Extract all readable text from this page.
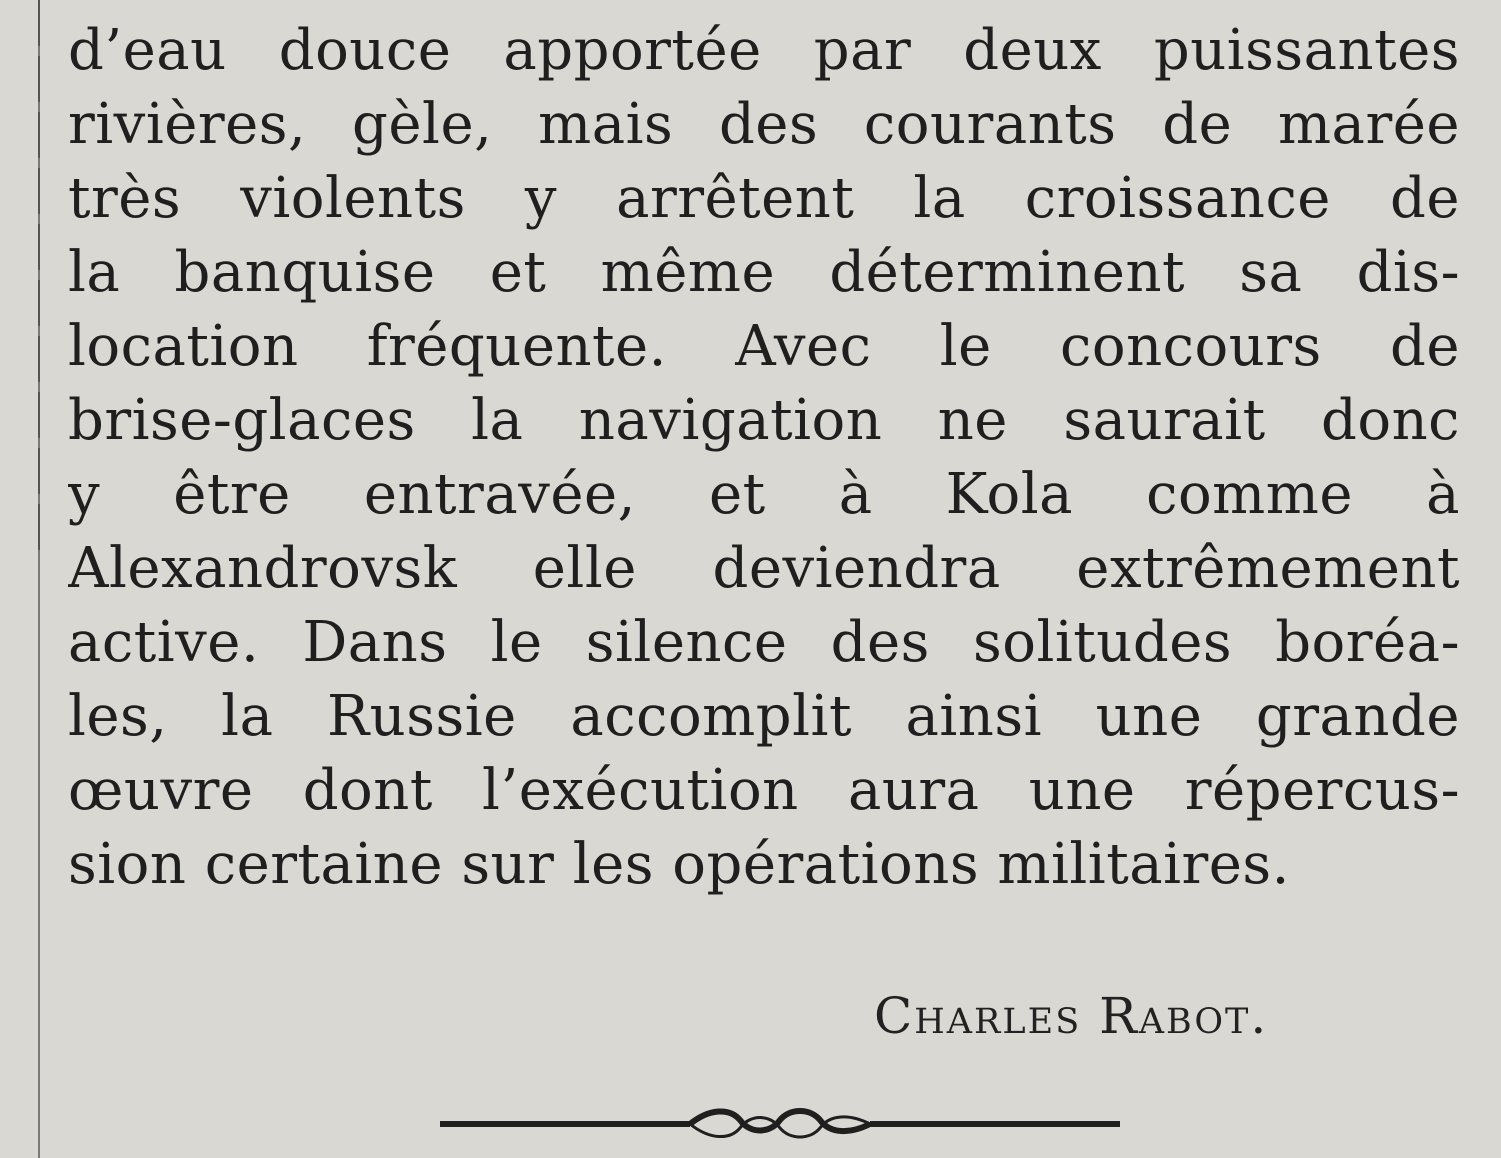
d’eau douce apportée par deux puissantes
rivières, gèle, mais des courants de marée
très violents y arrêtent la croissance de
la banquise et même déterminent sa dis-
location fréquente. Avec le concours de
brise-glaces la navigation ne saurait donc
y être entravée, et à Kola comme à
Alexandrovsk elle deviendra extrêmement
active. Dans le silence des solitudes boréa-
les, la Russie accomplit ainsi une grande
œuvre dont l’exécution aura une répercus-
sion certaine sur les opérations militaires.
Charles Rabot.
